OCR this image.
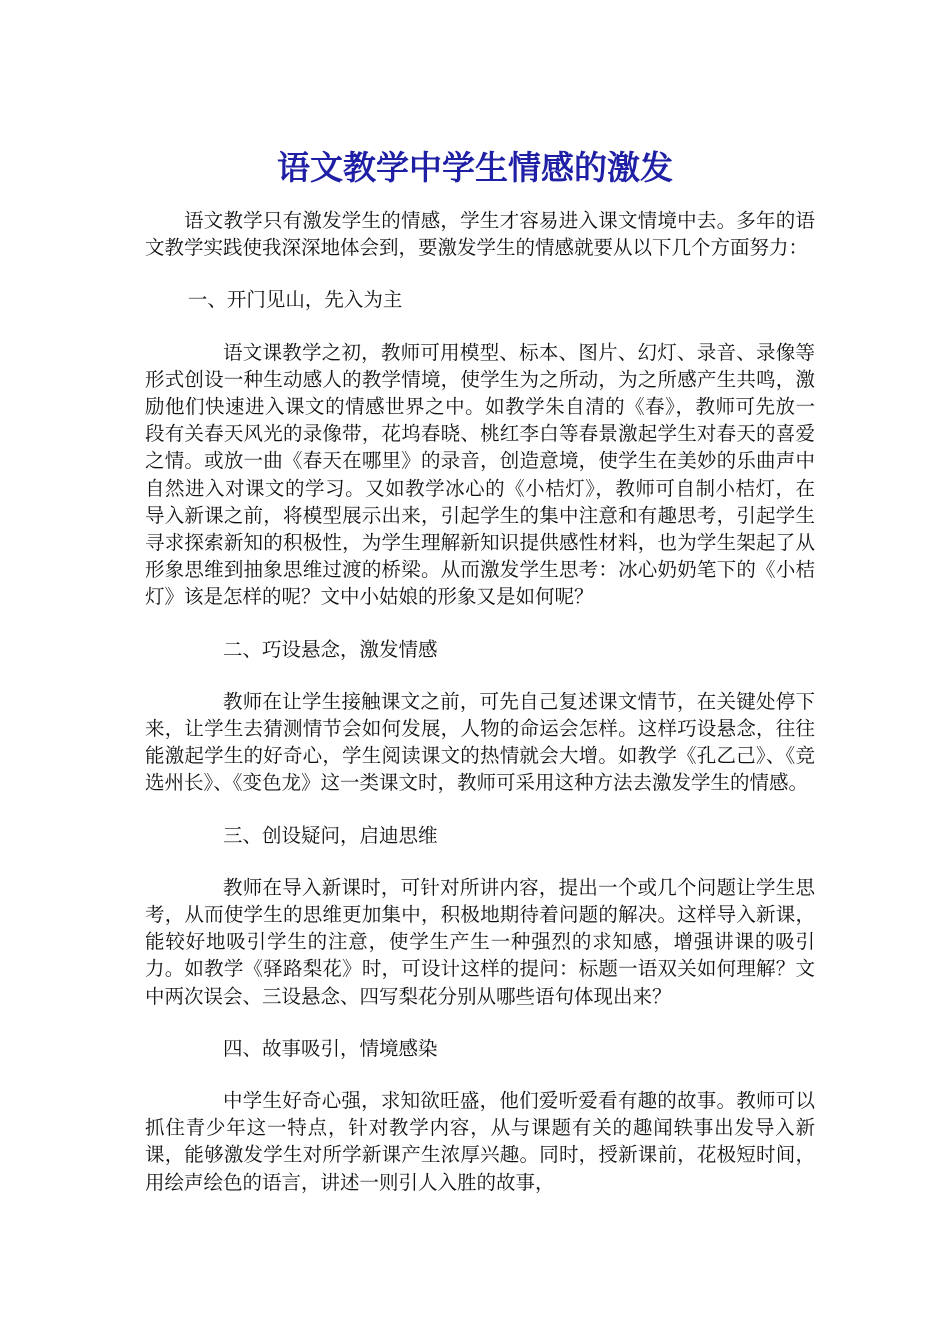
语文教学中学生情感的激发

语文教学只有激发学生的情感，学生才容易进入课文情境中去。多年的语文教学实践使我深深地体会到，要激发学生的情感就要从以下几个方面努力：

一、开门见山，先入为主

语文课教学之初，教师可用模型、标本、图片、幻灯、录音、录像等形式创设一种生动感人的教学情境，使学生为之所动，为之所感产生共鸣，激励他们快速进入课文的情感世界之中。如教学朱自清的《春》，教师可先放一段有关春天风光的录像带，花坞春晓、桃红李白等春景激起学生对春天的喜爱之情。或放一曲《春天在哪里》的录音，创造意境，使学生在美妙的乐曲声中自然进入对课文的学习。又如教学冰心的《小桔灯》，教师可自制小桔灯，在导入新课之前，将模型展示出来，引起学生的集中注意和有趣思考，引起学生寻求探索新知的积极性，为学生理解新知识提供感性材料，也为学生架起了从形象思维到抽象思维过渡的桥梁。从而激发学生思考：冰心奶奶笔下的《小桔灯》该是怎样的呢？文中小姑娘的形象又是如何呢？

二、巧设悬念，激发情感

教师在让学生接触课文之前，可先自己复述课文情节，在关键处停下来，让学生去猜测情节会如何发展，人物的命运会怎样。这样巧设悬念，往往能激起学生的好奇心，学生阅读课文的热情就会大增。如教学《孔乙己》、《竞选州长》、《变色龙》这一类课文时，教师可采用这种方法去激发学生的情感。

三、创设疑问，启迪思维

教师在导入新课时，可针对所讲内容，提出一个或几个问题让学生思考，从而使学生的思维更加集中，积极地期待着问题的解决。这样导入新课，能较好地吸引学生的注意，使学生产生一种强烈的求知感，增强讲课的吸引力。如教学《驿路梨花》时，可设计这样的提问：标题一语双关如何理解？文中两次误会、三设悬念、四写梨花分别从哪些语句体现出来？

四、故事吸引，情境感染

中学生好奇心强，求知欲旺盛，他们爱听爱看有趣的故事。教师可以抓住青少年这一特点，针对教学内容，从与课题有关的趣闻轶事出发导入新课，能够激发学生对所学新课产生浓厚兴趣。同时，授新课前，花极短时间，用绘声绘色的语言，讲述一则引人入胜的故事，
